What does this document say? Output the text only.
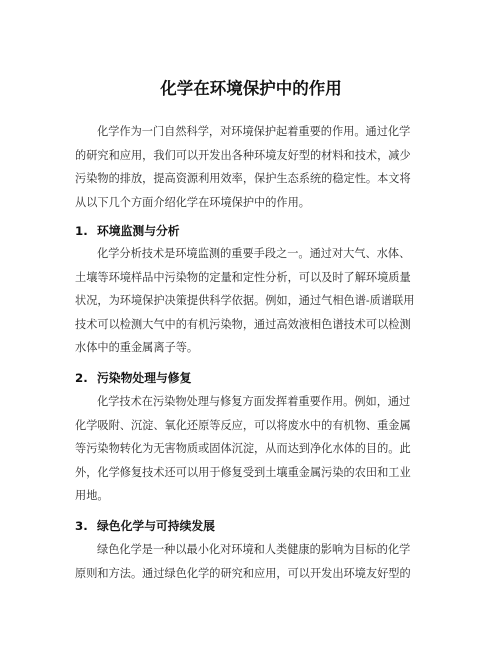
化学在环境保护中的作用
化学作为一门自然科学，对环境保护起着重要的作用。通过化学
的研究和应用，我们可以开发出各种环境友好型的材料和技术，减少
污染物的排放，提高资源利用效率，保护生态系统的稳定性。本文将
从以下几个方面介绍化学在环境保护中的作用。
1. 环境监测与分析
化学分析技术是环境监测的重要手段之一。通过对大气、水体、
土壤等环境样品中污染物的定量和定性分析，可以及时了解环境质量
状况，为环境保护决策提供科学依据。例如，通过气相色谱-质谱联用
技术可以检测大气中的有机污染物，通过高效液相色谱技术可以检测
水体中的重金属离子等。
2. 污染物处理与修复
化学技术在污染物处理与修复方面发挥着重要作用。例如，通过
化学吸附、沉淀、氧化还原等反应，可以将废水中的有机物、重金属
等污染物转化为无害物质或固体沉淀，从而达到净化水体的目的。此
外，化学修复技术还可以用于修复受到土壤重金属污染的农田和工业
用地。
3. 绿色化学与可持续发展
绿色化学是一种以最小化对环境和人类健康的影响为目标的化学
原则和方法。通过绿色化学的研究和应用，可以开发出环境友好型的
